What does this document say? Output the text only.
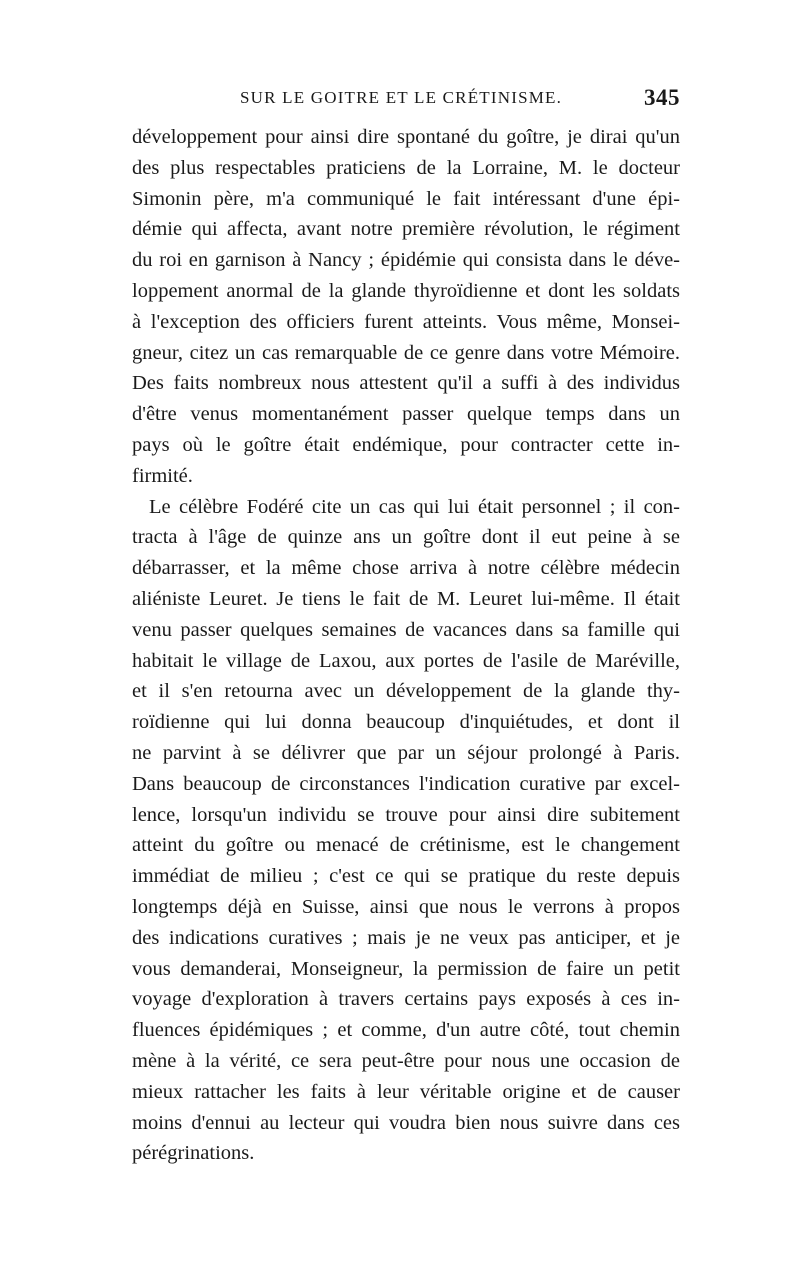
SUR LE GOITRE ET LE CRÉTINISME.	345
développement pour ainsi dire spontané du goître, je dirai qu'un
des plus respectables praticiens de la Lorraine, M. le docteur
Simonin père, m'a communiqué le fait intéressant d'une épi-
démie qui affecta, avant notre première révolution, le régiment
du roi en garnison à Nancy ; épidémie qui consista dans le déve-
loppement anormal de la glande thyroïdienne et dont les soldats
à l'exception des officiers furent atteints. Vous même, Monsei-
gneur, citez un cas remarquable de ce genre dans votre Mémoire.
Des faits nombreux nous attestent qu'il a suffi à des individus
d'être venus momentanément passer quelque temps dans un
pays où le goître était endémique, pour contracter cette in-
firmité.
Le célèbre Fodéré cite un cas qui lui était personnel ; il con-
tracta à l'âge de quinze ans un goître dont il eut peine à se
débarrasser, et la même chose arriva à notre célèbre médecin
aliéniste Leuret. Je tiens le fait de M. Leuret lui-même. Il était
venu passer quelques semaines de vacances dans sa famille qui
habitait le village de Laxou, aux portes de l'asile de Maréville,
et il s'en retourna avec un développement de la glande thy-
roïdienne qui lui donna beaucoup d'inquiétudes, et dont il
ne parvint à se délivrer que par un séjour prolongé à Paris.
Dans beaucoup de circonstances l'indication curative par excel-
lence, lorsqu'un individu se trouve pour ainsi dire subitement
atteint du goître ou menacé de crétinisme, est le changement
immédiat de milieu ; c'est ce qui se pratique du reste depuis
longtemps déjà en Suisse, ainsi que nous le verrons à propos
des indications curatives ; mais je ne veux pas anticiper, et je
vous demanderai, Monseigneur, la permission de faire un petit
voyage d'exploration à travers certains pays exposés à ces in-
fluences épidémiques ; et comme, d'un autre côté, tout chemin
mène à la vérité, ce sera peut-être pour nous une occasion de
mieux rattacher les faits à leur véritable origine et de causer
moins d'ennui au lecteur qui voudra bien nous suivre dans ces
pérégrinations.
